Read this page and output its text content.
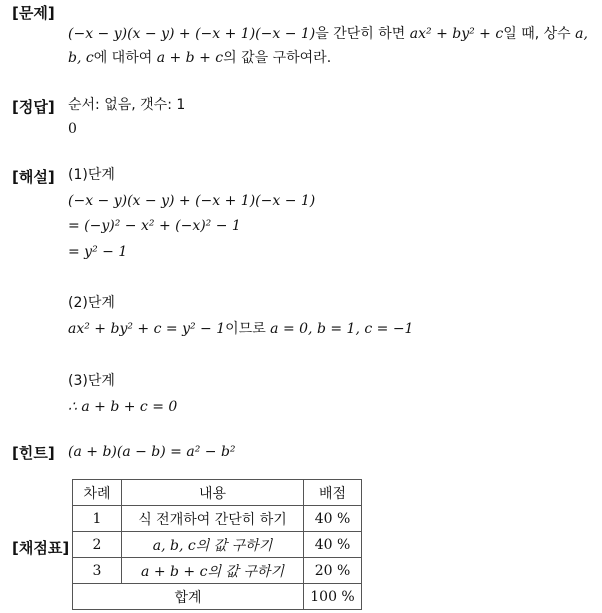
[문제]
[정답]
[해설]
[힌트]
[채점표]
(−x − y)(x − y) + (−x + 1)(−x − 1)을 간단히 하면 ax² + by² + c일 때, 상수 a,
b, c에 대하여 a + b + c의 값을 구하여라.
순서: 없음, 갯수: 1
0
(1)단계
(−x − y)(x − y) + (−x + 1)(−x − 1)
= (−y)² − x² + (−x)² − 1
= y² − 1
(2)단계
ax² + by² + c = y² − 1이므로 a = 0, b = 1, c = −1
(3)단계
∴ a + b + c = 0
(a + b)(a − b) = a² − b²
차례	내용	배점
1	식 전개하여 간단히 하기	40 %
2	a, b, c의 값 구하기	40 %
3	a + b + c의 값 구하기	20 %
합계		100 %
